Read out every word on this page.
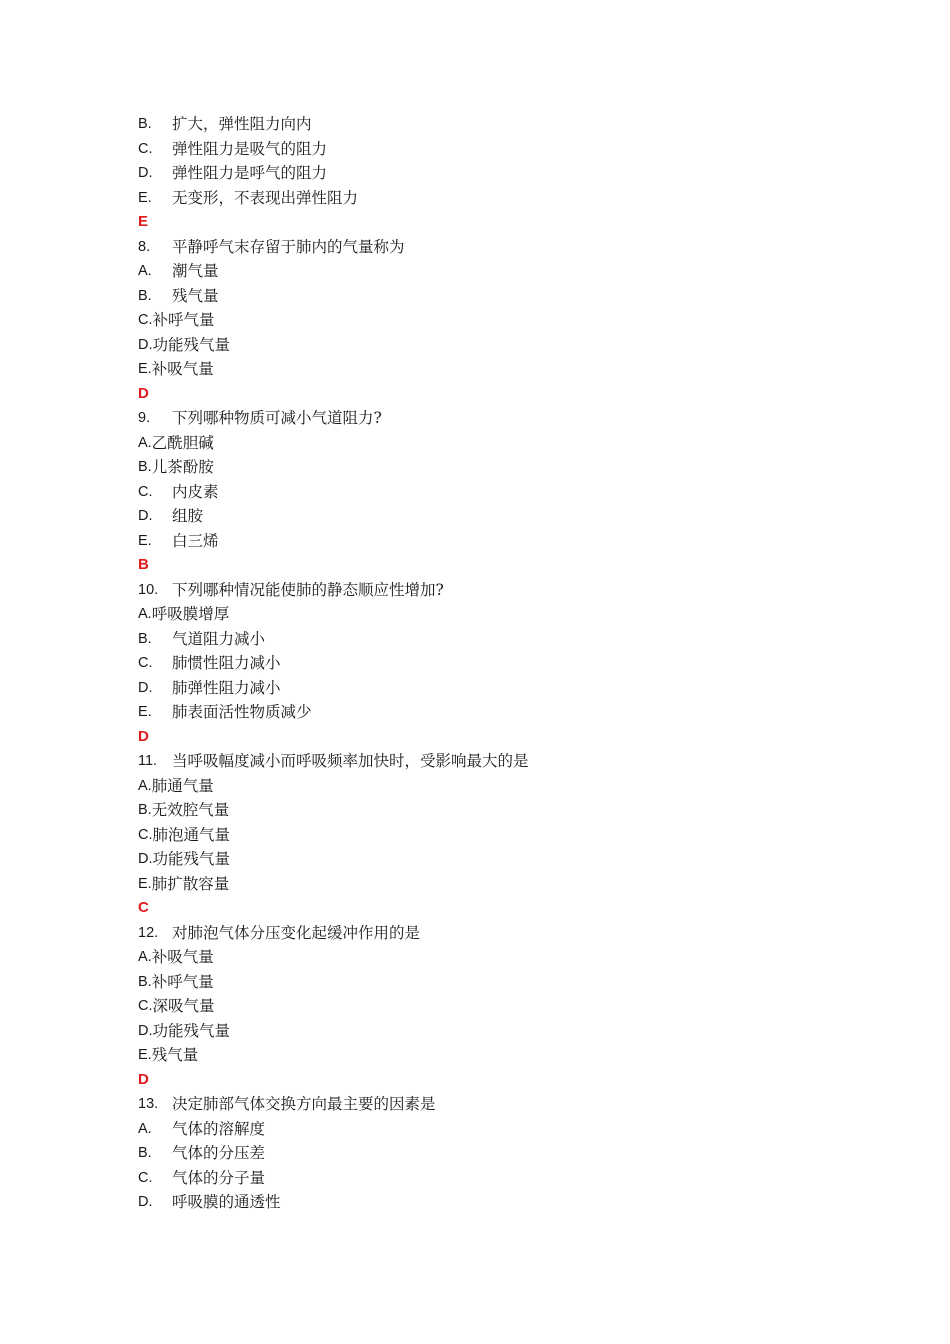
B.	扩大，弹性阻力向内
C.	弹性阻力是吸气的阻力
D.	弹性阻力是呼气的阻力
E.	无变形，不表现出弹性阻力
E
8.	平静呼气末存留于肺内的气量称为
A.	潮气量
B.	残气量
C. 补呼气量
D. 功能残气量
E. 补吸气量
D
9.	下列哪种物质可减小气道阻力?
A. 乙酰胆碱
B. 儿茶酚胺
C.	内皮素
D.	组胺
E.	白三烯
B
10. 下列哪种情况能使肺的静态顺应性增加?
A. 呼吸膜增厚
B.	气道阻力减小
C.	肺惯性阻力减小
D.	肺弹性阻力减小
E.	肺表面活性物质减少
D
11. 当呼吸幅度减小而呼吸频率加快时，受影响最大的是
A. 肺通气量
B. 无效腔气量
C. 肺泡通气量
D. 功能残气量
E. 肺扩散容量
C
12. 对肺泡气体分压变化起缓冲作用的是
A. 补吸气量
B. 补呼气量
C. 深吸气量
D. 功能残气量
E. 残气量
D
13. 决定肺部气体交换方向最主要的因素是
A.	气体的溶解度
B.	气体的分压差
C.	气体的分子量
D.	呼吸膜的通透性
